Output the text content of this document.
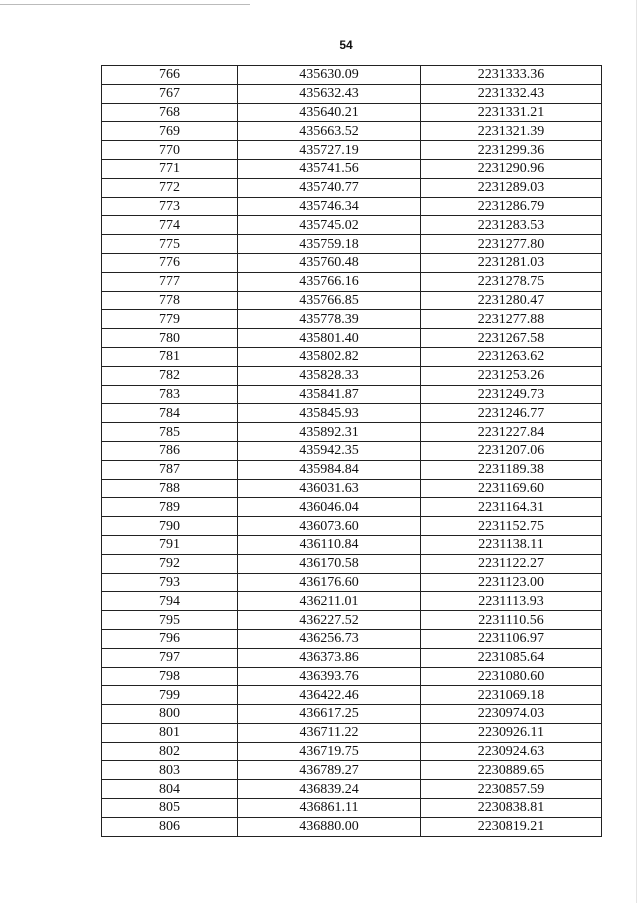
54
766	435630.09	2231333.36
767	435632.43	2231332.43
768	435640.21	2231331.21
769	435663.52	2231321.39
770	435727.19	2231299.36
771	435741.56	2231290.96
772	435740.77	2231289.03
773	435746.34	2231286.79
774	435745.02	2231283.53
775	435759.18	2231277.80
776	435760.48	2231281.03
777	435766.16	2231278.75
778	435766.85	2231280.47
779	435778.39	2231277.88
780	435801.40	2231267.58
781	435802.82	2231263.62
782	435828.33	2231253.26
783	435841.87	2231249.73
784	435845.93	2231246.77
785	435892.31	2231227.84
786	435942.35	2231207.06
787	435984.84	2231189.38
788	436031.63	2231169.60
789	436046.04	2231164.31
790	436073.60	2231152.75
791	436110.84	2231138.11
792	436170.58	2231122.27
793	436176.60	2231123.00
794	436211.01	2231113.93
795	436227.52	2231110.56
796	436256.73	2231106.97
797	436373.86	2231085.64
798	436393.76	2231080.60
799	436422.46	2231069.18
800	436617.25	2230974.03
801	436711.22	2230926.11
802	436719.75	2230924.63
803	436789.27	2230889.65
804	436839.24	2230857.59
805	436861.11	2230838.81
806	436880.00	2230819.21
